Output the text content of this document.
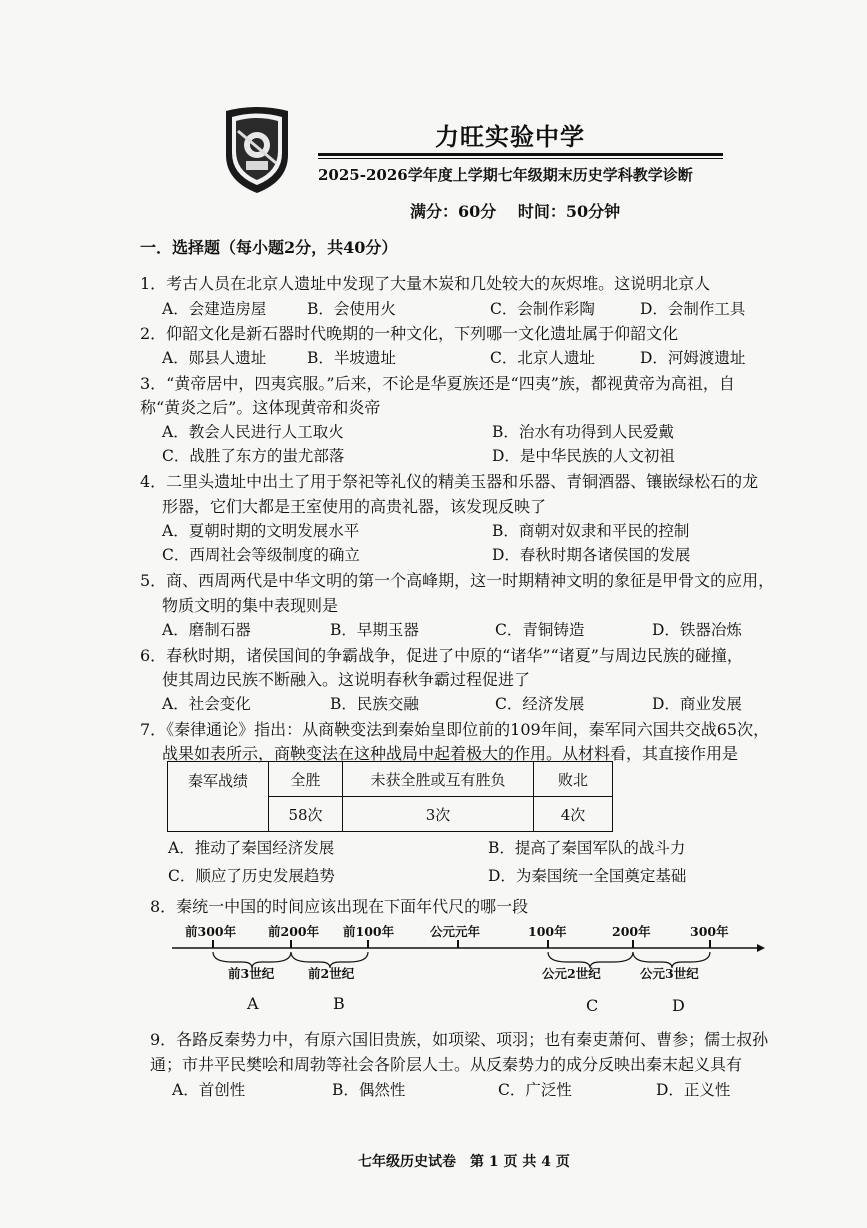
力旺实验中学
2025-2026学年度上学期七年级期末历史学科教学诊断
满分：60分　 时间：50分钟
一．选择题（每小题2分，共40分）
1．考古人员在北京人遗址中发现了大量木炭和几处较大的灰烬堆。这说明北京人
A．会建造房屋	B．会使用火	C．会制作彩陶	D．会制作工具
2．仰韶文化是新石器时代晚期的一种文化，下列哪一文化遗址属于仰韶文化
A．郧县人遗址	B．半坡遗址	C．北京人遗址	D．河姆渡遗址
3．“黄帝居中，四夷宾服。”后来，不论是华夏族还是“四夷”族，都视黄帝为高祖，自
称“黄炎之后”。这体现黄帝和炎帝
A．教会人民进行人工取火	B．治水有功得到人民爱戴
C．战胜了东方的蚩尤部落	D．是中华民族的人文初祖
4．二里头遗址中出土了用于祭祀等礼仪的精美玉器和乐器、青铜酒器、镶嵌绿松石的龙
形器，它们大都是王室使用的高贵礼器，该发现反映了
A．夏朝时期的文明发展水平	B．商朝对奴隶和平民的控制
C．西周社会等级制度的确立	D．春秋时期各诸侯国的发展
5．商、西周两代是中华文明的第一个高峰期，这一时期精神文明的象征是甲骨文的应用，
物质文明的集中表现则是
A．磨制石器	B．早期玉器	C．青铜铸造	D．铁器冶炼
6．春秋时期，诸侯国间的争霸战争，促进了中原的“诸华”“诸夏”与周边民族的碰撞，
使其周边民族不断融入。这说明春秋争霸过程促进了
A．社会变化	B．民族交融	C．经济发展	D．商业发展
7．《秦律通论》指出：从商鞅变法到秦始皇即位前的109年间，秦军同六国共交战65次，
战果如表所示，商鞅变法在这种战局中起着极大的作用。从材料看，其直接作用是
秦军战绩	全胜	未获全胜或互有胜负	败北
	58次	3次	4次
A．推动了秦国经济发展	B．提高了秦国军队的战斗力
C．顺应了历史发展趋势	D．为秦国统一全国奠定基础
8．秦统一中国的时间应该出现在下面年代尺的哪一段
前300年	前200年 前100年	公元元年	100年	200年	300年
前3世纪	前2世纪	公元2世纪	公元3世纪
A	B	C	D
9．各路反秦势力中，有原六国旧贵族，如项梁、项羽；也有秦吏萧何、曹参；儒士叔孙
通；市井平民樊哙和周勃等社会各阶层人士。从反秦势力的成分反映出秦末起义具有
A．首创性	B．偶然性	C．广泛性	D．正义性
七年级历史试卷　第 1 页 共 4 页
